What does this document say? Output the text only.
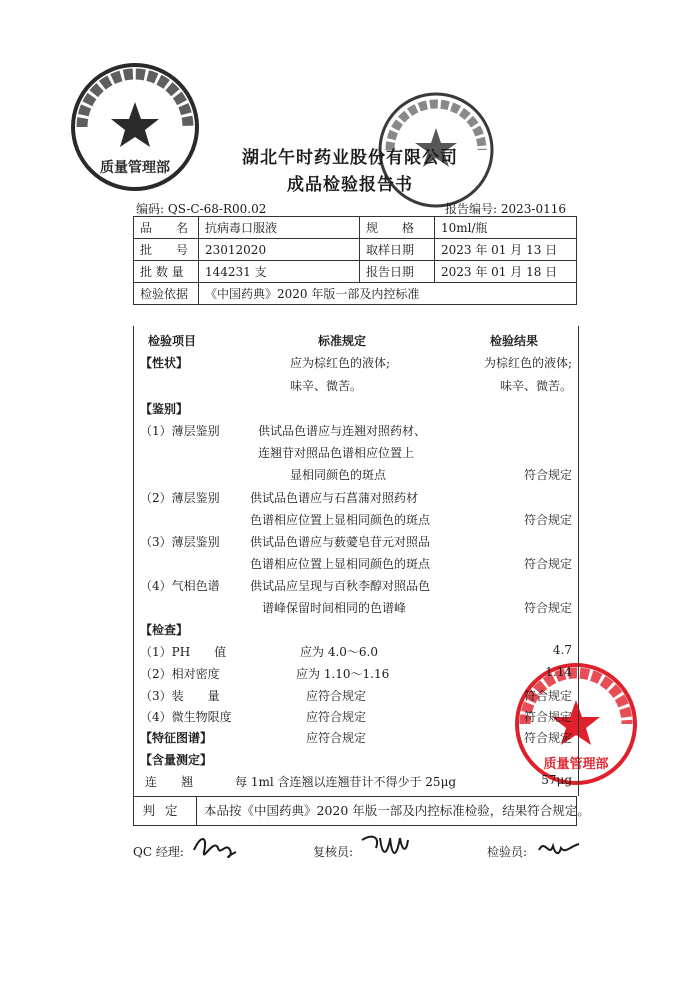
质量管理部
质量管理部
湖北午时药业股份有限公司
成品检验报告书
编码: QS-C-68-R00.02	报告编号: 2023-0116
品　　名	抗病毒口服液	规　　格	10ml/瓶
批　　号	23012020	取样日期	2023 年 01 月 13 日
批 数 量	144231 支	报告日期	2023 年 01 月 18 日
检验依据	《中国药典》2020 年版一部及内控标准		
检验项目	标准规定	检验结果
【性状】	应为棕红色的液体;	为棕红色的液体;
味辛、微苦。	味辛、微苦。
【鉴别】
（1）薄层鉴别	供试品色谱应与连翘对照药材、
连翘苷对照品色谱相应位置上
显相同颜色的斑点	符合规定
（2）薄层鉴别	供试品色谱应与石菖蒲对照药材
色谱相应位置上显相同颜色的斑点	符合规定
（3）薄层鉴别	供试品色谱应与薮薆皂苷元对照品
色谱相应位置上显相同颜色的斑点	符合规定
（4）气相色谱	供试品应呈现与百秋李醇对照品色
谱峰保留时间相同的色谱峰	符合规定
【检查】
（1）PH　　值	应为 4.0～6.0	4.7
（2）相对密度	应为 1.10～1.16	1.14
（3）装　　量	应符合规定	符合规定
（4）微生物限度	应符合规定	符合规定
【特征图谱】	应符合规定	符合规定
【含量测定】
连　　翘	每 1ml 含连翘以连翘苷计不得少于 25μg	57μg
判定	本品按《中国药典》2020 年版一部及内控标准检验，结果符合规定。
QC 经理:	复核员:	检验员:
